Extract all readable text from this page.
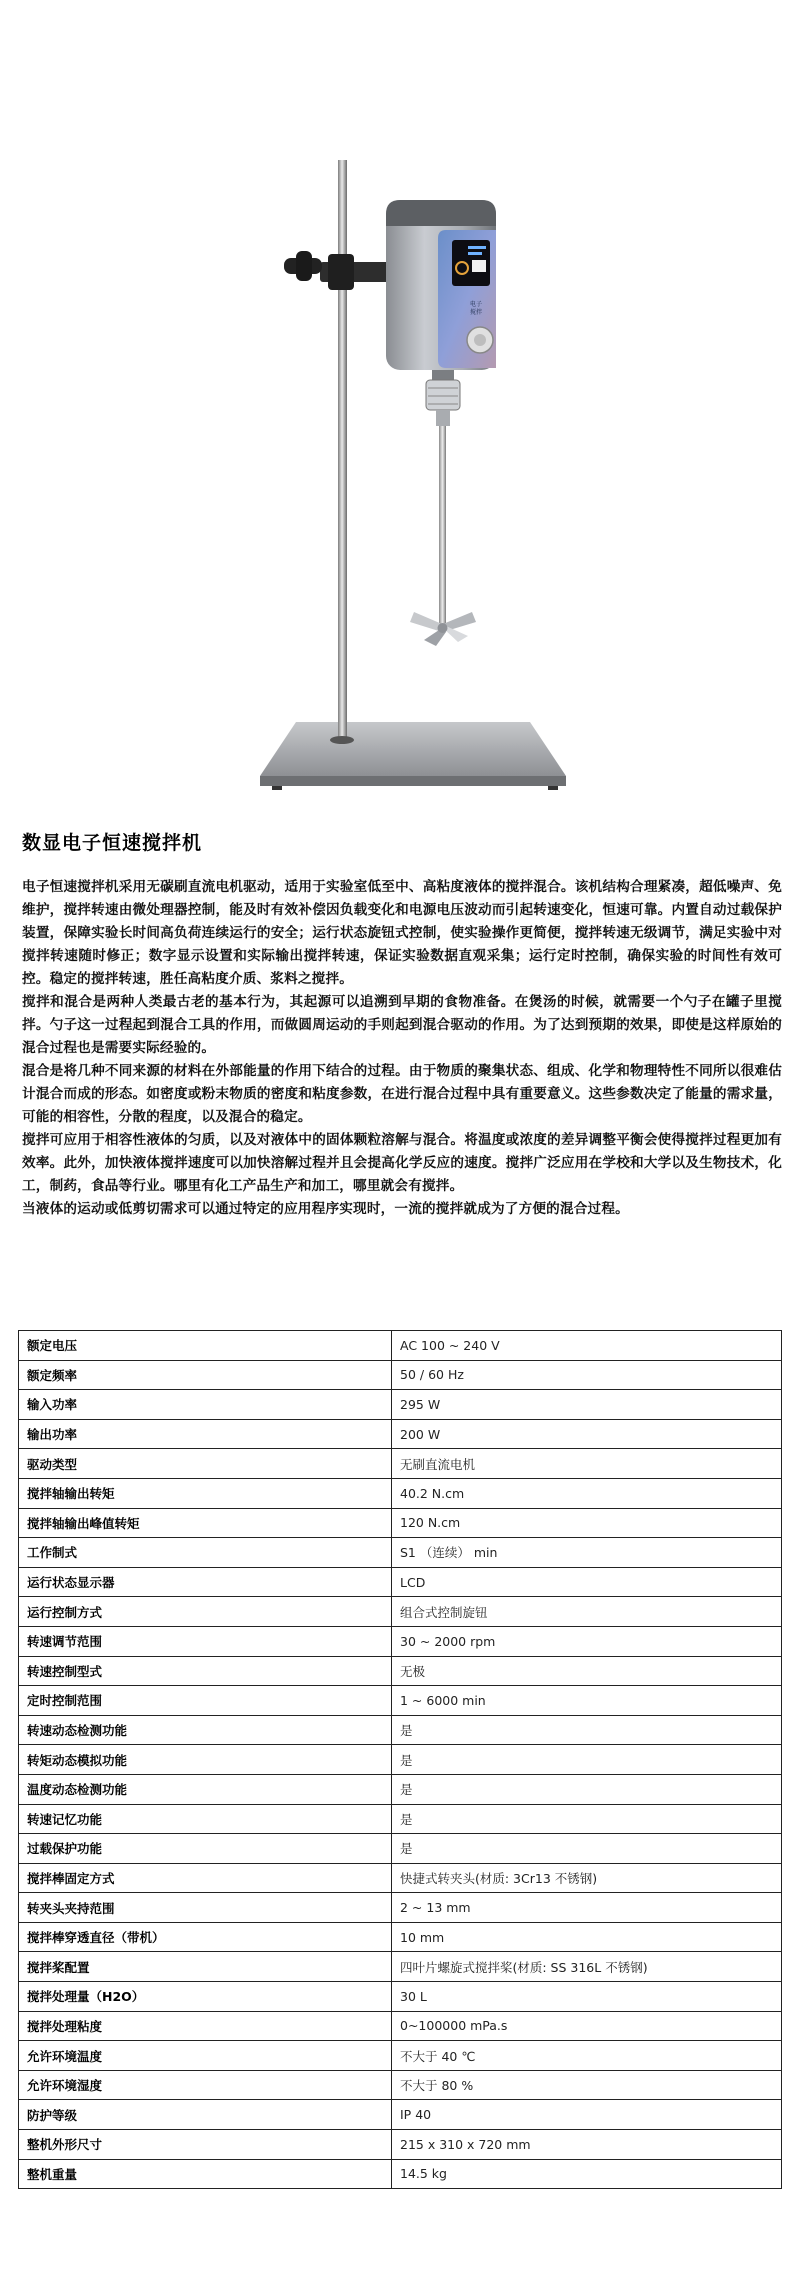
电子
搅拌
数显电子恒速搅拌机

电子恒速搅拌机采用无碳刷直流电机驱动，适用于实验室低至中、高粘度液体的搅拌混合。该机结构合理紧凑，超低噪声、免维护，搅拌转速由微处理器控制，能及时有效补偿因负载变化和电源电压波动而引起转速变化，恒速可靠。内置自动过载保护装置，保障实验长时间高负荷连续运行的安全；运行状态旋钮式控制，使实验操作更简便，搅拌转速无级调节，满足实验中对搅拌转速随时修正；数字显示设置和实际输出搅拌转速，保证实验数据直观采集；运行定时控制，确保实验的时间性有效可控。稳定的搅拌转速，胜任高粘度介质、浆料之搅拌。

搅拌和混合是两种人类最古老的基本行为，其起源可以追溯到早期的食物准备。在煲汤的时候，就需要一个勺子在罐子里搅拌。勺子这一过程起到混合工具的作用，而做圆周运动的手则起到混合驱动的作用。为了达到预期的效果，即使是这样原始的混合过程也是需要实际经验的。

混合是将几种不同来源的材料在外部能量的作用下结合的过程。由于物质的聚集状态、组成、化学和物理特性不同所以很难估计混合而成的形态。如密度或粉末物质的密度和粘度参数，在进行混合过程中具有重要意义。这些参数决定了能量的需求量，可能的相容性，分散的程度，以及混合的稳定。

搅拌可应用于相容性液体的匀质，以及对液体中的固体颗粒溶解与混合。将温度或浓度的差异调整平衡会使得搅拌过程更加有效率。此外，加快液体搅拌速度可以加快溶解过程并且会提高化学反应的速度。搅拌广泛应用在学校和大学以及生物技术，化工，制药，食品等行业。哪里有化工产品生产和加工，哪里就会有搅拌。

当液体的运动或低剪切需求可以通过特定的应用程序实现时，一流的搅拌就成为了方便的混合过程。

额定电压	AC 100 ~ 240 V
额定频率	50 / 60 Hz
输入功率	295 W
输出功率	200 W
驱动类型	无刷直流电机
搅拌轴输出转矩	40.2 N.cm
搅拌轴输出峰值转矩	120 N.cm
工作制式	S1 （连续） min
运行状态显示器	LCD
运行控制方式	组合式控制旋钮
转速调节范围	30 ~ 2000 rpm
转速控制型式	无极
定时控制范围	1 ~ 6000 min
转速动态检测功能	是
转矩动态模拟功能	是
温度动态检测功能	是
转速记忆功能	是
过载保护功能	是
搅拌棒固定方式	快捷式转夹头(材质: 3Cr13 不锈钢)
转夹头夹持范围	2 ~ 13 mm
搅拌棒穿透直径（带机）	10 mm
搅拌桨配置	四叶片螺旋式搅拌桨(材质: SS 316L 不锈钢)
搅拌处理量（H2O）	30 L
搅拌处理粘度	0~100000 mPa.s
允许环境温度	不大于 40 ℃
允许环境湿度	不大于 80 %
防护等级	IP 40
整机外形尺寸	215 x 310 x 720 mm
整机重量	14.5 kg
